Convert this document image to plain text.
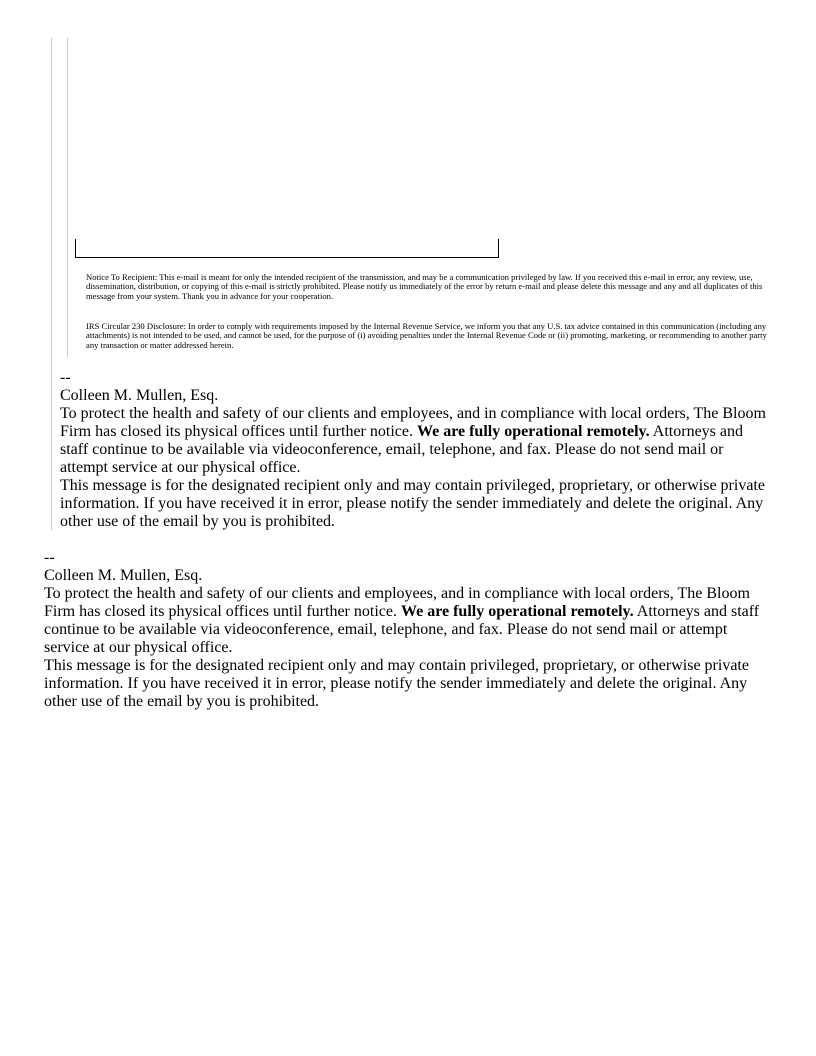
Notice To Recipient: This e-mail is meant for only the intended recipient of the transmission, and may be a communication privileged by law. If you received this e-mail in error, any review, use, dissemination, distribution, or copying of this e-mail is strictly prohibited. Please notify us immediately of the error by return e-mail and please delete this message and any and all duplicates of this message from your system. Thank you in advance for your cooperation.
IRS Circular 230 Disclosure: In order to comply with requirements imposed by the Internal Revenue Service, we inform you that any U.S. tax advice contained in this communication (including any attachments) is not intended to be used, and cannot be used, for the purpose of (i) avoiding penalties under the Internal Revenue Code or (ii) promoting, marketing, or recommending to another party any transaction or matter addressed herein.
--
Colleen M. Mullen, Esq.

To protect the health and safety of our clients and employees, and in compliance with local orders, The Bloom Firm has closed its physical offices until further notice. We are fully operational remotely. Attorneys and staff continue to be available via videoconference, email, telephone, and fax. Please do not send mail or attempt service at our physical office.

This message is for the designated recipient only and may contain privileged, proprietary, or otherwise private information. If you have received it in error, please notify the sender immediately and delete the original. Any other use of the email by you is prohibited.

--
Colleen M. Mullen, Esq.

To protect the health and safety of our clients and employees, and in compliance with local orders, The Bloom Firm has closed its physical offices until further notice. We are fully operational remotely. Attorneys and staff continue to be available via videoconference, email, telephone, and fax. Please do not send mail or attempt service at our physical office.

This message is for the designated recipient only and may contain privileged, proprietary, or otherwise private information. If you have received it in error, please notify the sender immediately and delete the original. Any other use of the email by you is prohibited.
